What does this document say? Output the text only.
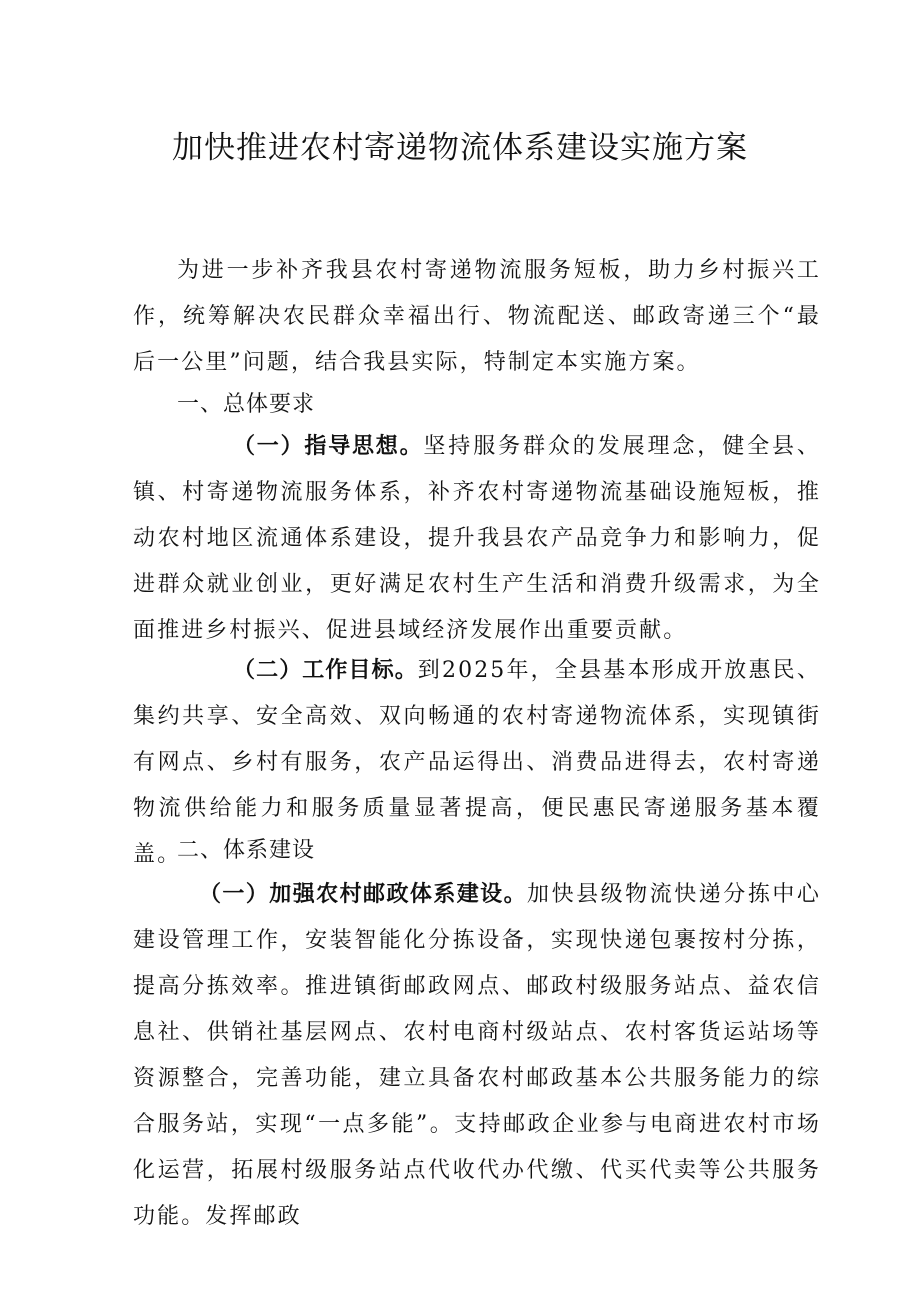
加快推进农村寄递物流体系建设实施方案

为进一步补齐我县农村寄递物流服务短板，助力乡村振兴工作，统筹解决农民群众幸福出行、物流配送、邮政寄递三个“最后一公里”问题，结合我县实际，特制定本实施方案。

一、总体要求

（一）指导思想。坚持服务群众的发展理念，健全县、镇、村寄递物流服务体系，补齐农村寄递物流基础设施短板，推动农村地区流通体系建设，提升我县农产品竞争力和影响力，促进群众就业创业，更好满足农村生产生活和消费升级需求，为全面推进乡村振兴、促进县域经济发展作出重要贡献。

（二）工作目标。到2025年，全县基本形成开放惠民、集约共享、安全高效、双向畅通的农村寄递物流体系，实现镇街有网点、乡村有服务，农产品运得出、消费品进得去，农村寄递物流供给能力和服务质量显著提高，便民惠民寄递服务基本覆盖。

二、体系建设

（一）加强农村邮政体系建设。加快县级物流快递分拣中心建设管理工作，安装智能化分拣设备，实现快递包裹按村分拣，提高分拣效率。推进镇街邮政网点、邮政村级服务站点、益农信息社、供销社基层网点、农村电商村级站点、农村客货运站场等资源整合，完善功能，建立具备农村邮政基本公共服务能力的综合服务站，实现“一点多能”。支持邮政企业参与电商进农村市场化运营，拓展村级服务站点代收代办代缴、代买代卖等公共服务功能。发挥邮政
